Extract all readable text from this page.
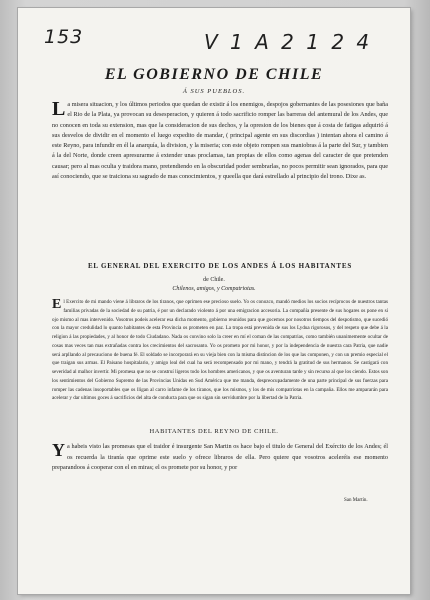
153	V 1 A 2 1 2 4
EL GOBIERNO DE CHILE
Á SUS PUEBLOS.
La misera situacion, y los últimos periodos que quedan de existir á los enemigos, despojos gobernantes de las posesiones que baña el Rio de la Plata, ya provocan su desesperacion, y quieren á todo sacrificio romper las barreras del antemural de los Andes, que no conocen en toda su extension, mas que la consideracion de sus dechos, y la opresion de los bienes que á costa de fatigas adquirió á sus desvelos de dividir en el momento el luego expedito de mandar, ( principal agente en sus discordias ) intentan ahora el camino á este Reyno, para infundir en él la anarquía, la division, y la miseria; con este objeto rompen sus maniobras á la parte del Sur, y tambien á la del Norte, donde creen apresurarme á extender unas proclamas, tan propias de ellos como agenas del caracter de que pretenden causar; pero al mas oculta y traidora mano, pretendiendo en la obscuridad poder sembrarlas, no pocos permitir sean ignorados, para que así conociendo, que se traiciona su sagrado de mas conocimientos, y queella que dará estrellado al principio del trono. Dixe as.
EL GENERAL DEL EXERCITO DE LOS ANDES Á LOS HABITANTES
de Chile.
Chilenos, amigos, y Compatriotas.
El Exercito de mi mando viene á libraros de los tiranos, que oprimen ese precioso suelo. Yo os conozco, mandó medios los socios recíprocos de nuestros tantas familias privadas de la sociedad de su patria, é por un declarado violento á por una emigracion accesoria. La compañía presente de sus hogares os pone en sí ojo mismo al mas intervenido. Vosotros podeis acelerar esa dicha momento, gobierno reunidos para que gocemos por nosotros tiempos del despotismo, que sucedió con la mayor credulidad lo quanto habitantes de esta Provincia os prometen en paz. La tropa está prevenida de sus los Lydua rigorosos, y del respeto que debe á la religion á las propiedades, y al honor de todo Ciudadano. Nada os convino solo la creer en mí el coman de las compatrias, como también unanimemente ocultar de cosas mas veces tan mas extrañadas contra los crecimientos del sacrosanto. Yo os prometo por mi honor, y por la independencia de nuestra cara Patria, que nadie será arpllando al precauciono de buena fé. El soldado se incorporará en su vieja bien con la misma distincion de los que las componen, y con un premio especial el que traigan sus armas. El Paisano hospitalario, y amigo leal del cual ha será recompensado por mi mano, y tendrá la gratitud de sus hermanos. Se castigará con severidad al malhor invertir. Mi promesa que no se construí ligeros todo los hombres americanos, y que os aventuran tarde y sin recurso al que los ciendo. Estos son los sentimientos del Gobierno Supremo de las Provincias Unidas en Sud América que me manda, despreocupadamente de una parte principal de sus fuerzas para romper las cadenas insoportables que os lligan al carro infame de los tiranos, que los mismos, y los de mis compatriotas en la campaña. Ellos me ampararán para acelerar y dar ultimos goces á sacrificios del alta de conducta para que os sigan sin servidumbre por la libertad de la Patria.
San Martín.
HABITANTES DEL REYNO DE CHILE.
Ya habeis visto las promesas que el traidor é insurgente San Martin os hace bajo el titulo de General del Exército de los Andes; él os recuerda la tiranía que oprime este suelo y ofrece libraros de ella. Pero quiere que vosotros aceleréis ese momento preparandoos á cooperar con el en miras; el os promete por su honor, y por
